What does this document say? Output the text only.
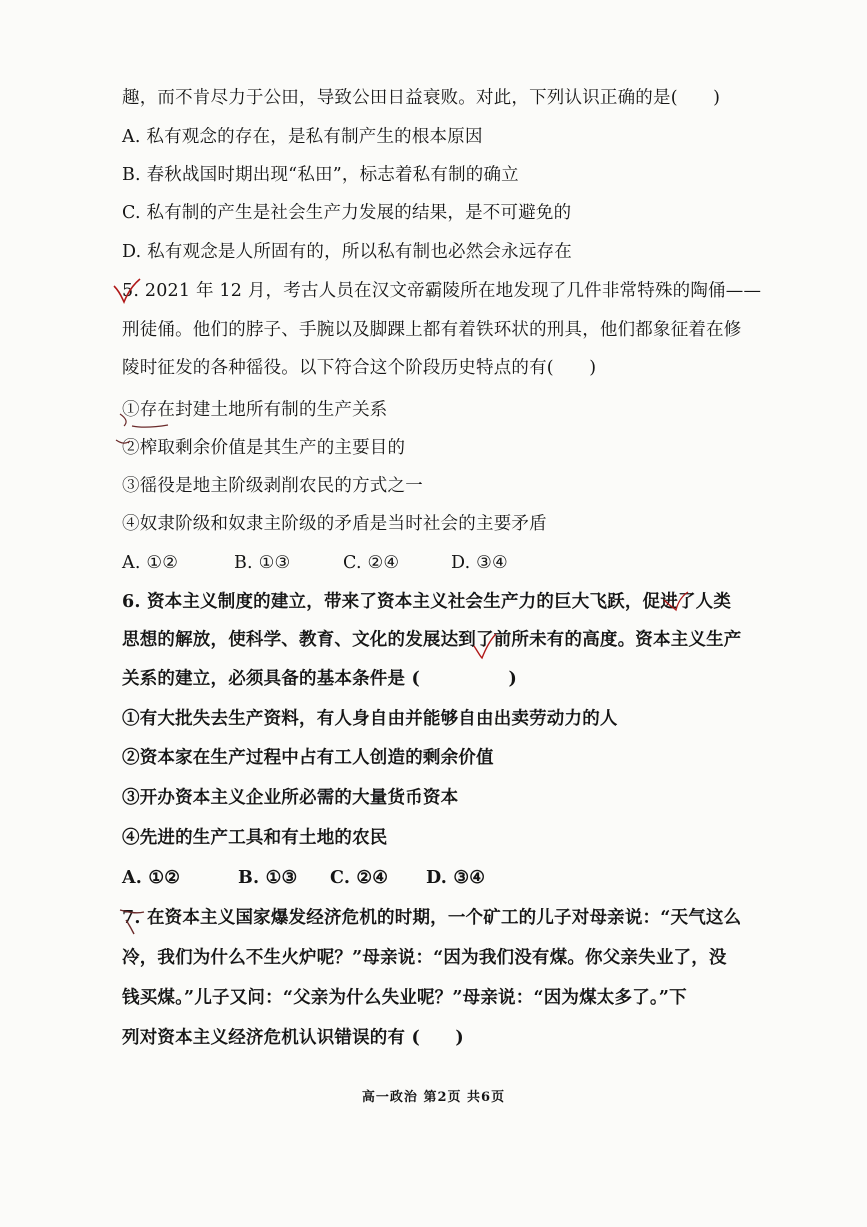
趣，而不肯尽力于公田，导致公田日益衰败。对此，下列认识正确的是(　　)
A. 私有观念的存在，是私有制产生的根本原因
B. 春秋战国时期出现“私田”，标志着私有制的确立
C. 私有制的产生是社会生产力发展的结果，是不可避免的
D. 私有观念是人所固有的，所以私有制也必然会永远存在
5. 2021 年 12 月，考古人员在汉文帝霸陵所在地发现了几件非常特殊的陶俑——
刑徒俑。他们的脖子、手腕以及脚踝上都有着铁环状的刑具，他们都象征着在修
陵时征发的各种徭役。以下符合这个阶段历史特点的有(　　)
①存在封建土地所有制的生产关系
②榨取剩余价值是其生产的主要目的
③徭役是地主阶级剥削农民的方式之一
④奴隶阶级和奴隶主阶级的矛盾是当时社会的主要矛盾
A. ①②	B. ①③	C. ②④	D. ③④
6. 资本主义制度的建立，带来了资本主义社会生产力的巨大飞跃，促进了人类
思想的解放，使科学、教育、文化的发展达到了前所未有的高度。资本主义生产
关系的建立，必须具备的基本条件是 (　　　　　)
①有大批失去生产资料，有人身自由并能够自由出卖劳动力的人
②资本家在生产过程中占有工人创造的剩余价值
③开办资本主义企业所必需的大量货币资本
④先进的生产工具和有土地的农民
A. ①②	B. ①③ C. ②④ D. ③④
7. 在资本主义国家爆发经济危机的时期，一个矿工的儿子对母亲说：“天气这么
冷，我们为什么不生火炉呢？”母亲说：“因为我们没有煤。你父亲失业了，没
钱买煤。”儿子又问：“父亲为什么失业呢？”母亲说：“因为煤太多了。”下
列对资本主义经济危机认识错误的有 (　　)
高一政治 第2页 共6页
